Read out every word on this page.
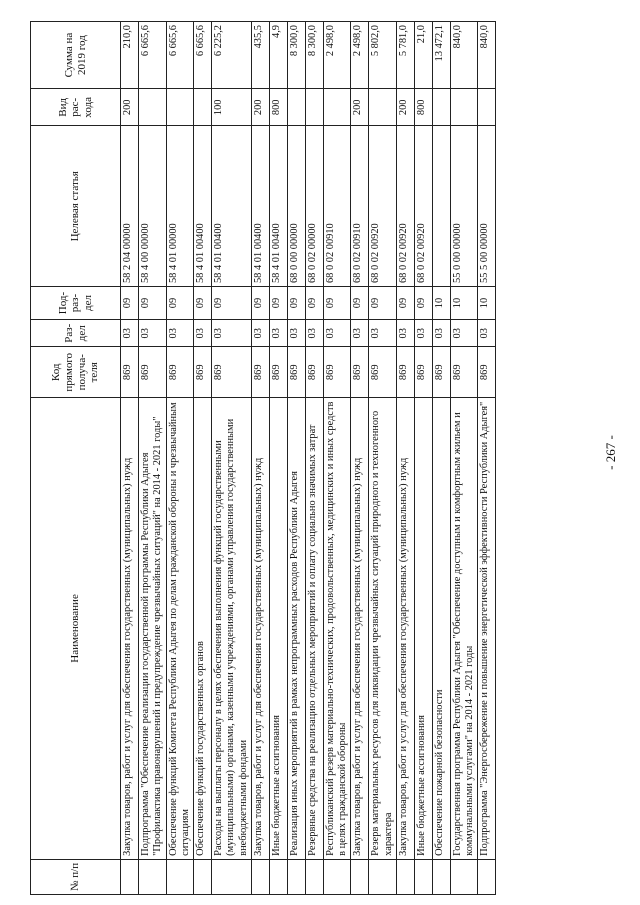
- 267 -
№ п/п	Наименование	Код прямого получа-теля	Раз-дел	Под-раз-дел	Целевая статья	Вид рас-хода	Сумма на 2019 год
	Закупка товаров, работ и услуг для обеспечения государственных (муниципальных) нужд	869	03	09	58 2 04 00000	200	210,0
	Подпрограмма "Обеспечение реализации государственной программы Республики Адыгея "Профилактика правонарушений и предупреждение чрезвычайных ситуаций" на 2014 - 2021 годы"	869	03	09	58 4 00 00000		6 665,6
	Обеспечение функций Комитета Республики Адыгея по делам гражданской обороны и чрезвычайным ситуациям	869	03	09	58 4 01 00000		6 665,6
	Обеспечение функций государственных органов	869	03	09	58 4 01 00400		6 665,6
	Расходы на выплаты персоналу в целях обеспечения выполнения функций государственными (муниципальными) органами, казенными учреждениями, органами управления государственными внебюджетными фондами	869	03	09	58 4 01 00400	100	6 225,2
	Закупка товаров, работ и услуг для обеспечения государственных (муниципальных) нужд	869	03	09	58 4 01 00400	200	435,5
	Иные бюджетные ассигнования	869	03	09	58 4 01 00400	800	4,9
	Реализация иных мероприятий в рамках непрограммных расходов Республики Адыгея	869	03	09	68 0 00 00000		8 300,0
	Резервные средства на реализацию отдельных мероприятий и оплату социально значимых затрат	869	03	09	68 0 02 00000		8 300,0
	Республиканский резерв материально-технических, продовольственных, медицинских и иных средств в целях гражданской обороны	869	03	09	68 0 02 00910		2 498,0
	Закупка товаров, работ и услуг для обеспечения государственных (муниципальных) нужд	869	03	09	68 0 02 00910	200	2 498,0
	Резерв материальных ресурсов для ликвидации чрезвычайных ситуаций природного и техногенного характера	869	03	09	68 0 02 00920		5 802,0
	Закупка товаров, работ и услуг для обеспечения государственных (муниципальных) нужд	869	03	09	68 0 02 00920	200	5 781,0
	Иные бюджетные ассигнования	869	03	09	68 0 02 00920	800	21,0
	Обеспечение пожарной безопасности	869	03	10			13 472,1
	Государственная программа Республики Адыгея "Обеспечение доступным и комфортным жильем и коммунальными услугами" на 2014 - 2021 годы	869	03	10	55 0 00 00000		840,0
	Подпрограмма "Энергосбережение и повышение энергетической эффективности Республики Адыгея"	869	03	10	55 5 00 00000		840,0
